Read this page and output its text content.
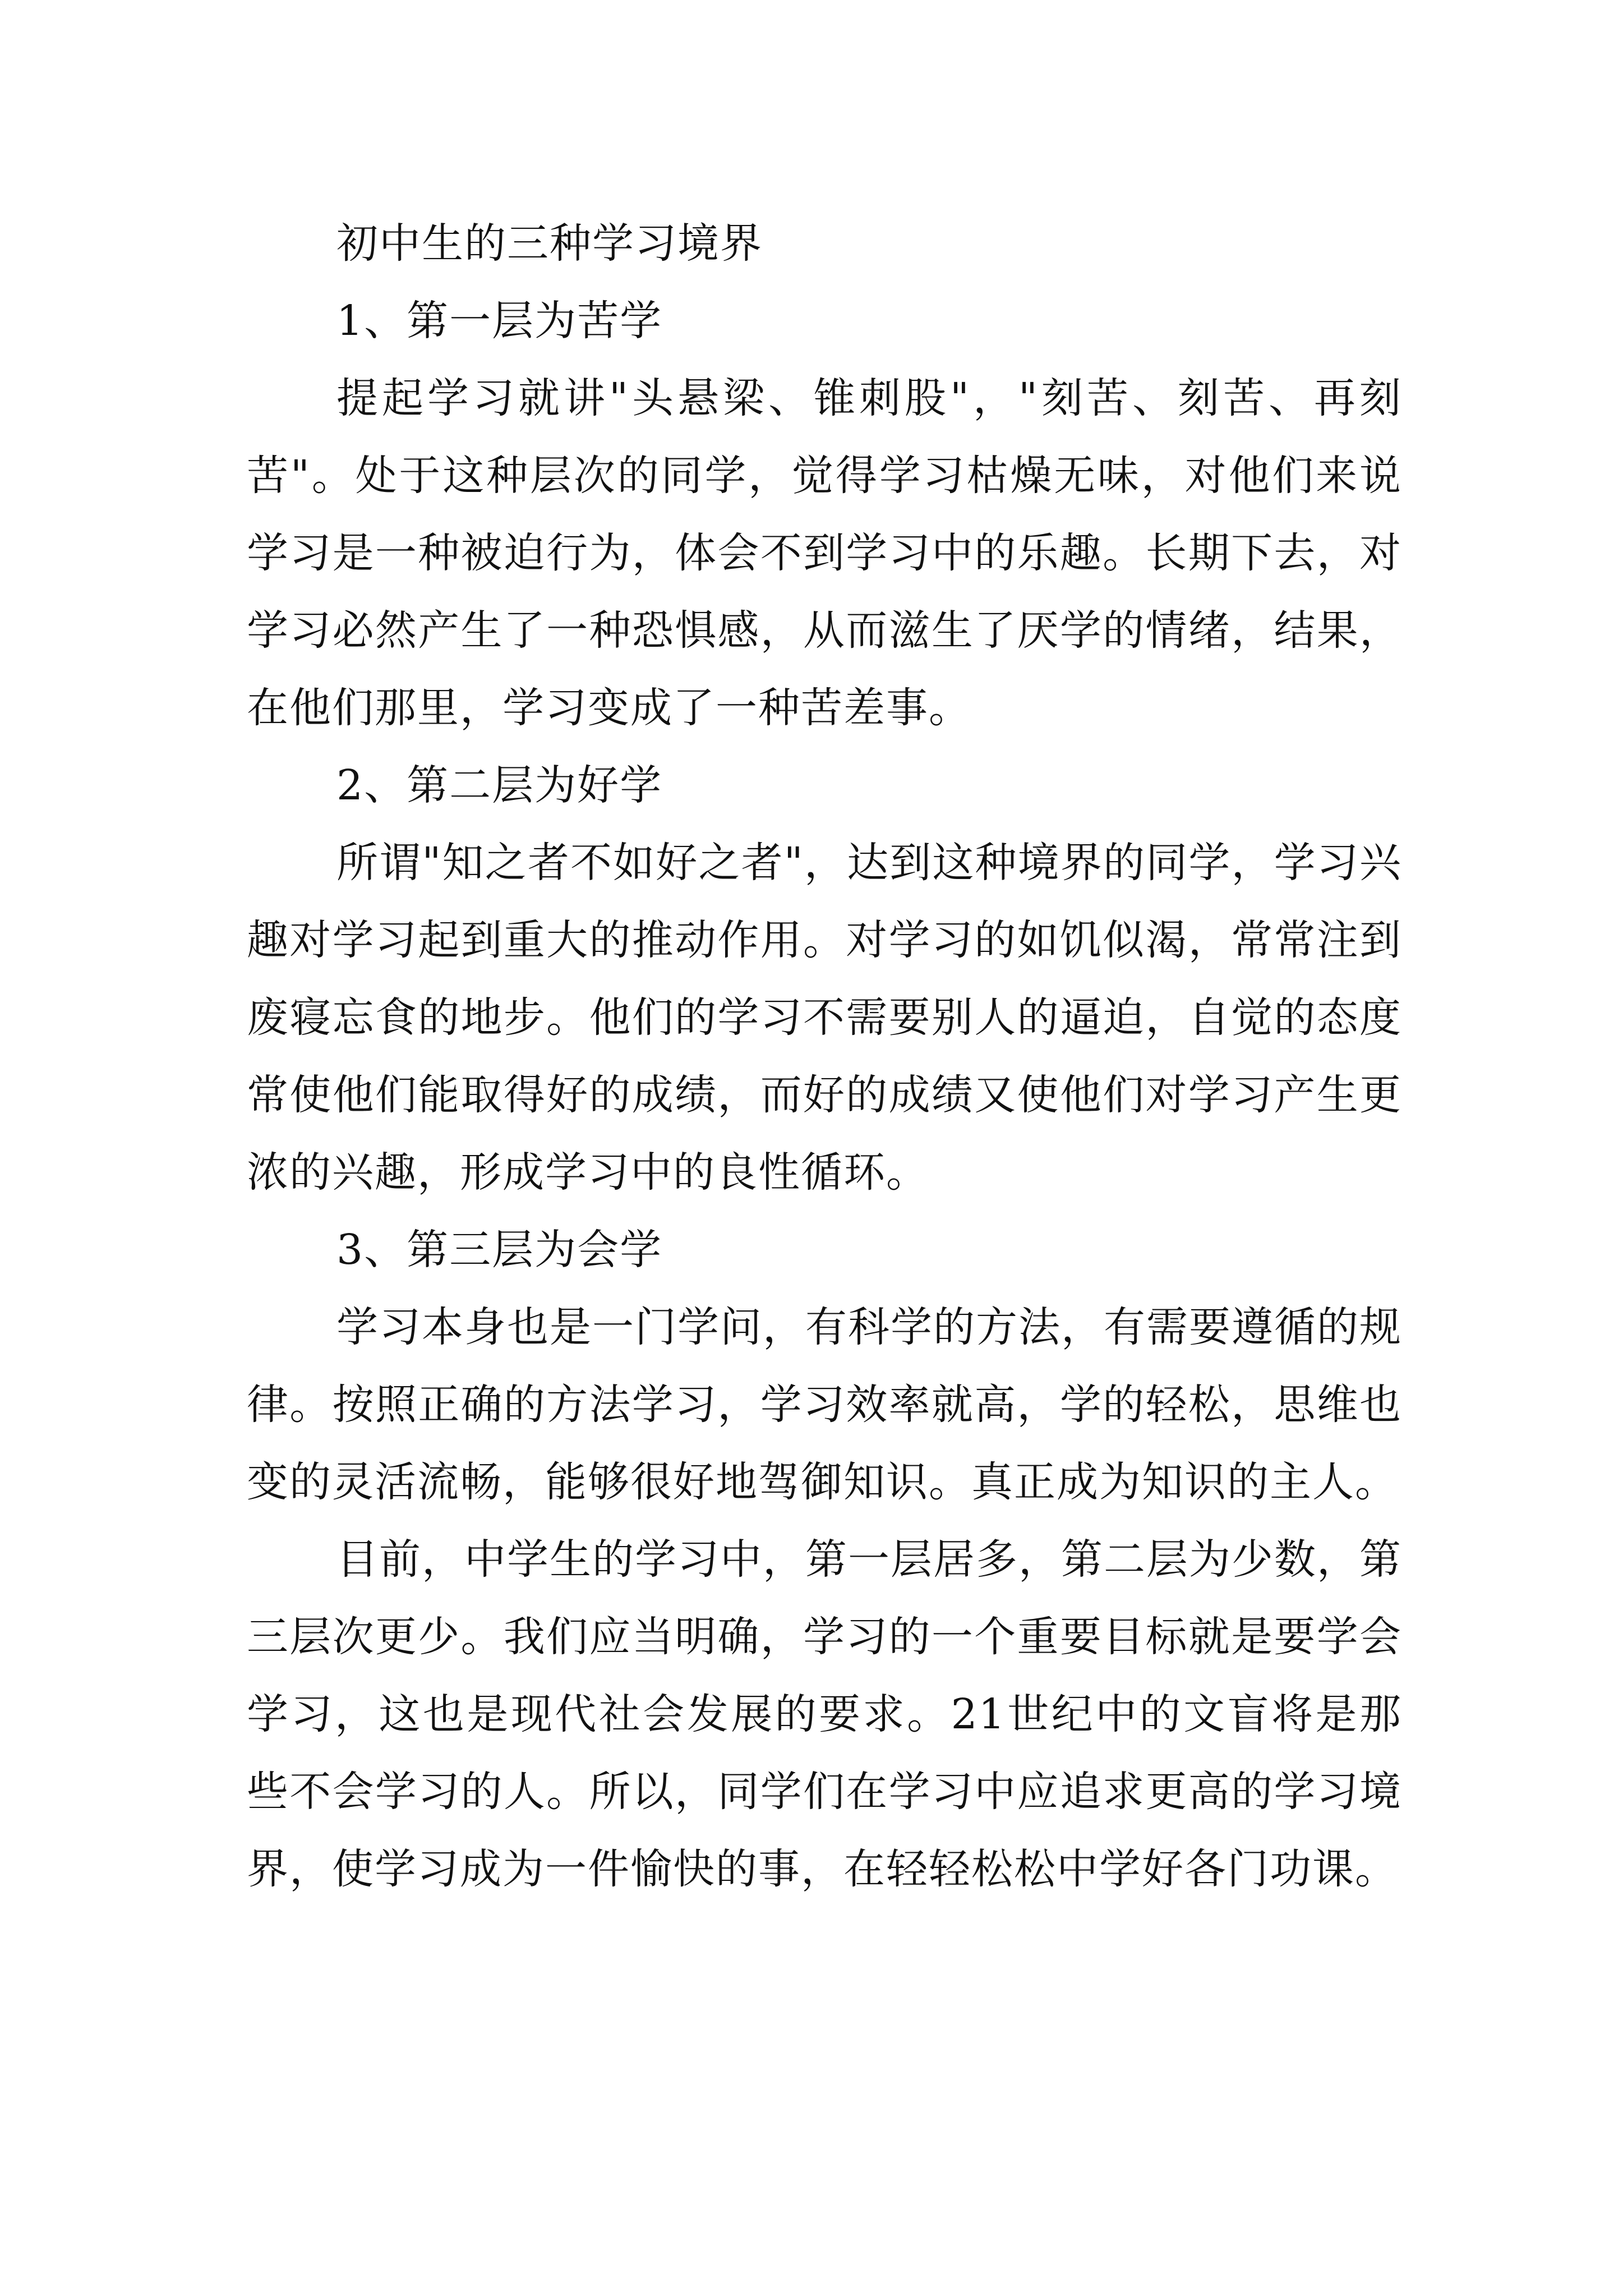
初中生的三种学习境界
1、第一层为苦学

提起学习就讲"头悬梁、锥刺股"，"刻苦、刻苦、再刻苦"。处于这种层次的同学，觉得学习枯燥无味，对他们来说学习是一种被迫行为，体会不到学习中的乐趣。长期下去，对学习必然产生了一种恐惧感，从而滋生了厌学的情绪，结果，在他们那里，学习变成了一种苦差事。

2、第二层为好学

所谓"知之者不如好之者"，达到这种境界的同学，学习兴趣对学习起到重大的推动作用。对学习的如饥似渴，常常注到废寝忘食的地步。他们的学习不需要别人的逼迫，自觉的态度常使他们能取得好的成绩，而好的成绩又使他们对学习产生更浓的兴趣，形成学习中的良性循环。

3、第三层为会学

学习本身也是一门学问，有科学的方法，有需要遵循的规律。按照正确的方法学习，学习效率就高，学的轻松，思维也变的灵活流畅，能够很好地驾御知识。真正成为知识的主人。

目前，中学生的学习中，第一层居多，第二层为少数，第三层次更少。我们应当明确，学习的一个重要目标就是要学会学习，这也是现代社会发展的要求。21世纪中的文盲将是那些不会学习的人。所以，同学们在学习中应追求更高的学习境界，使学习成为一件愉快的事，在轻轻松松中学好各门功课。
